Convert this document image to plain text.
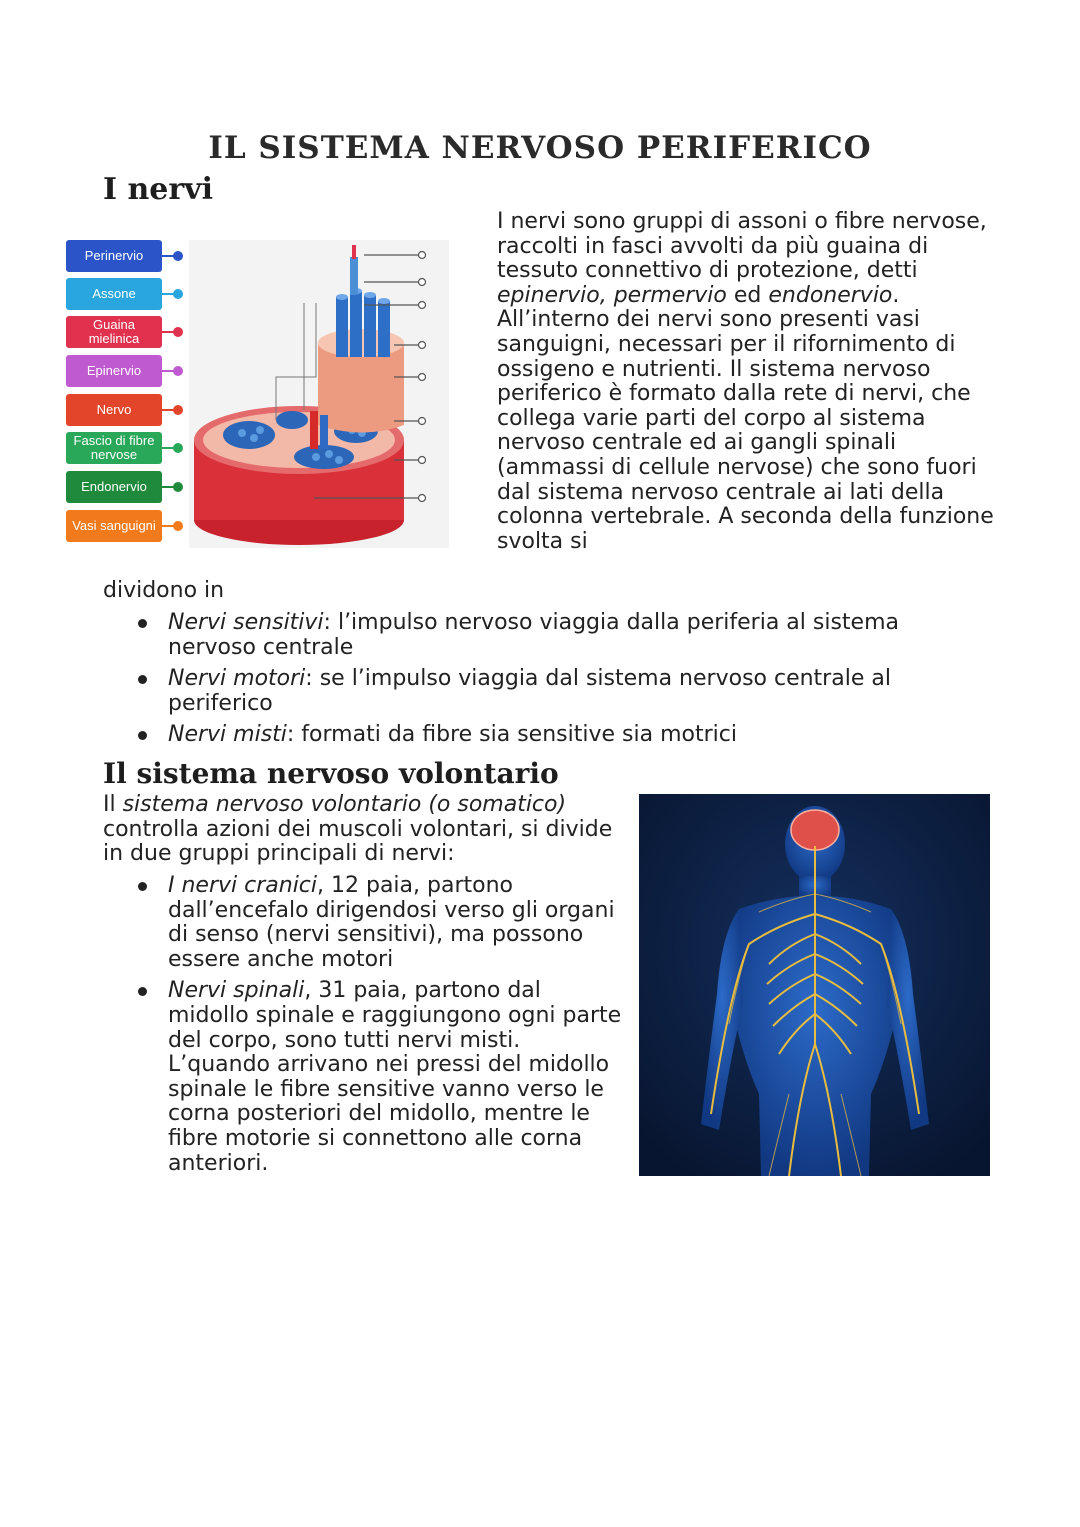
IL SISTEMA NERVOSO PERIFERICO
I nervi
Perinervio
Assone
Guaina mielinica
Epinervio
Nervo
Fascio di fibre nervose
Endonervio
Vasi sanguigni
I nervi sono gruppi di assoni o fibre nervose, raccolti in fasci avvolti da più guaina di tessuto connettivo di protezione, detti epinervio, permervio ed endonervio. All’interno dei nervi sono presenti vasi sanguigni, necessari per il rifornimento di ossigeno e nutrienti. Il sistema nervoso periferico è formato dalla rete di nervi, che collega varie parti del corpo al sistema nervoso centrale ed ai gangli spinali (ammassi di cellule nervose) che sono fuori dal sistema nervoso centrale ai lati della colonna vertebrale. A seconda della funzione svolta si
dividono in
Nervi sensitivi: l’impulso nervoso viaggia dalla periferia al sistema nervoso centrale
Nervi motori: se l’impulso viaggia dal sistema nervoso centrale al periferico
Nervi misti: formati da fibre sia sensitive sia motrici
Il sistema nervoso volontario
Il sistema nervoso volontario (o somatico) controlla azioni dei muscoli volontari, si divide in due gruppi principali di nervi:
I nervi cranici, 12 paia, partono dall’encefalo dirigendosi verso gli organi di senso (nervi sensitivi), ma possono essere anche motori
Nervi spinali, 31 paia, partono dal midollo spinale e raggiungono ogni parte del corpo, sono tutti nervi misti. L’quando arrivano nei pressi del midollo spinale le fibre sensitive vanno verso le corna posteriori del midollo, mentre le fibre motorie si connettono alle corna anteriori.
